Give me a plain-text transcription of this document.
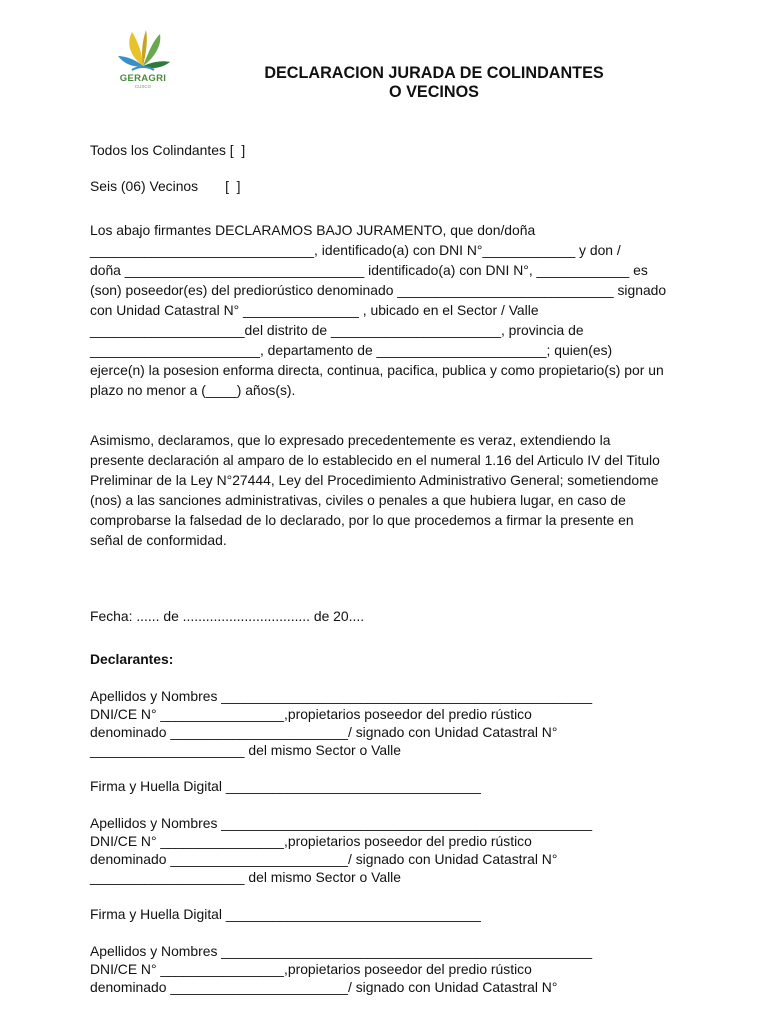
GERAGRI
CUSCO
DECLARACION JURADA DE COLINDANTES
O VECINOS
Todos los Colindantes [  ]
Seis (06) Vecinos       [  ]
Los abajo firmantes DECLARAMOS BAJO JURAMENTO, que don/doña
_____________________________, identificado(a) con DNI N°____________ y don /
doña _______________________________ identificado(a) con DNI N°, ____________ es
(son) poseedor(es) del prediorústico denominado ____________________________ signado
con Unidad Catastral N° _______________ , ubicado en el Sector / Valle
____________________del distrito de ______________________, provincia de
______________________, departamento de ______________________; quien(es)
ejerce(n) la posesion enforma directa, continua, pacifica, publica y como propietario(s) por un
plazo no menor a (____) años(s).
Asimismo, declaramos, que lo expresado precedentemente es veraz, extendiendo la
presente declaración al amparo de lo establecido en el numeral 1.16 del Articulo IV del Titulo
Preliminar de la Ley N°27444, Ley del Procedimiento Administrativo General; sometiendome
(nos) a las sanciones administrativas, civiles o penales a que hubiera lugar, en caso de
comprobarse la falsedad de lo declarado, por lo que procedemos a firmar la presente en
señal de conformidad.
Fecha: ...... de ................................. de 20....
Declarantes:
Apellidos y Nombres ________________________________________________
DNI/CE N° ________________,propietarios poseedor del predio rústico
denominado _______________________/ signado con Unidad Catastral N°
____________________ del mismo Sector o Valle
Firma y Huella Digital _________________________________
Apellidos y Nombres ________________________________________________
DNI/CE N° ________________,propietarios poseedor del predio rústico
denominado _______________________/ signado con Unidad Catastral N°
____________________ del mismo Sector o Valle
Firma y Huella Digital _________________________________
Apellidos y Nombres ________________________________________________
DNI/CE N° ________________,propietarios poseedor del predio rústico
denominado _______________________/ signado con Unidad Catastral N°
